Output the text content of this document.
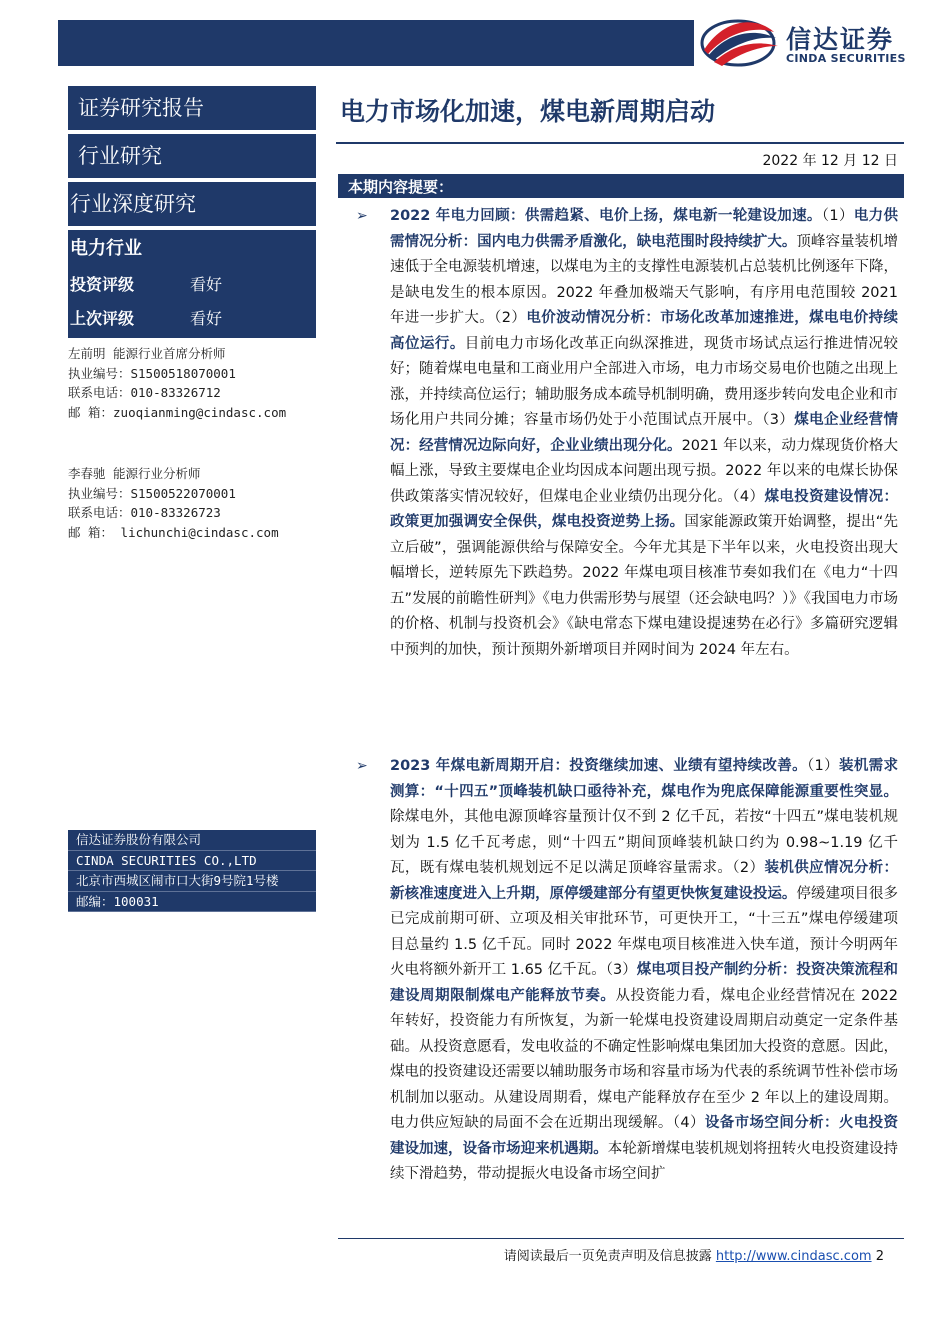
信达证券
CINDA SECURITIES
证券研究报告
行业研究
行业深度研究
电力行业
投资评级	看好
上次评级	看好
左前明 能源行业首席分析师
执业编号：S1500518070001
联系电话：010-83326712
邮 箱：zuoqianming@cindasc.com
李春驰 能源行业分析师
执业编号：S1500522070001
联系电话：010-83326723
邮 箱： lichunchi@cindasc.com
信达证券股份有限公司
CINDA SECURITIES CO.,LTD
北京市西城区闹市口大街9号院1号楼
邮编：100031
电力市场化加速，煤电新周期启动
2022 年 12 月 12 日
本期内容提要：
➢ 2022 年电力回顾：供需趋紧、电价上扬，煤电新一轮建设加速。（1）电力供需情况分析：国内电力供需矛盾激化，缺电范围时段持续扩大。顶峰容量装机增速低于全电源装机增速，以煤电为主的支撑性电源装机占总装机比例逐年下降，是缺电发生的根本原因。2022 年叠加极端天气影响，有序用电范围较 2021 年进一步扩大。（2）电价波动情况分析：市场化改革加速推进，煤电电价持续高位运行。目前电力市场化改革正向纵深推进，现货市场试点运行推进情况较好；随着煤电电量和工商业用户全部进入市场，电力市场交易电价也随之出现上涨，并持续高位运行；辅助服务成本疏导机制明确，费用逐步转向发电企业和市场化用户共同分摊；容量市场仍处于小范围试点开展中。（3）煤电企业经营情况：经营情况边际向好，企业业绩出现分化。2021 年以来，动力煤现货价格大幅上涨，导致主要煤电企业均因成本问题出现亏损。2022 年以来的电煤长协保供政策落实情况较好，但煤电企业业绩仍出现分化。（4）煤电投资建设情况：政策更加强调安全保供，煤电投资逆势上扬。国家能源政策开始调整，提出“先立后破”，强调能源供给与保障安全。今年尤其是下半年以来，火电投资出现大幅增长，逆转原先下跌趋势。2022 年煤电项目核准节奏如我们在《电力“十四五”发展的前瞻性研判》《电力供需形势与展望（还会缺电吗？）》《我国电力市场的价格、机制与投资机会》《缺电常态下煤电建设提速势在必行》多篇研究逻辑中预判的加快，预计预期外新增项目并网时间为 2024 年左右。
➢ 2023 年煤电新周期开启：投资继续加速、业绩有望持续改善。（1）装机需求测算：“十四五”顶峰装机缺口亟待补充，煤电作为兜底保障能源重要性突显。除煤电外，其他电源顶峰容量预计仅不到 2 亿千瓦，若按“十四五”煤电装机规划为 1.5 亿千瓦考虑，则“十四五”期间顶峰装机缺口约为 0.98~1.19 亿千瓦，既有煤电装机规划远不足以满足顶峰容量需求。（2）装机供应情况分析：新核准速度进入上升期，原停缓建部分有望更快恢复建设投运。停缓建项目很多已完成前期可研、立项及相关审批环节，可更快开工，“十三五”煤电停缓建项目总量约 1.5 亿千瓦。同时 2022 年煤电项目核准进入快车道，预计今明两年火电将额外新开工 1.65 亿千瓦。（3）煤电项目投产制约分析：投资决策流程和建设周期限制煤电产能释放节奏。从投资能力看，煤电企业经营情况在 2022 年转好，投资能力有所恢复，为新一轮煤电投资建设周期启动奠定一定条件基础。从投资意愿看，发电收益的不确定性影响煤电集团加大投资的意愿。因此，煤电的投资建设还需要以辅助服务市场和容量市场为代表的系统调节性补偿市场机制加以驱动。从建设周期看，煤电产能释放存在至少 2 年以上的建设周期。电力供应短缺的局面不会在近期出现缓解。（4）设备市场空间分析：火电投资建设加速，设备市场迎来机遇期。本轮新增煤电装机规划将扭转火电投资建设持续下滑趋势，带动提振火电设备市场空间扩
请阅读最后一页免责声明及信息披露 http://www.cindasc.com 2
